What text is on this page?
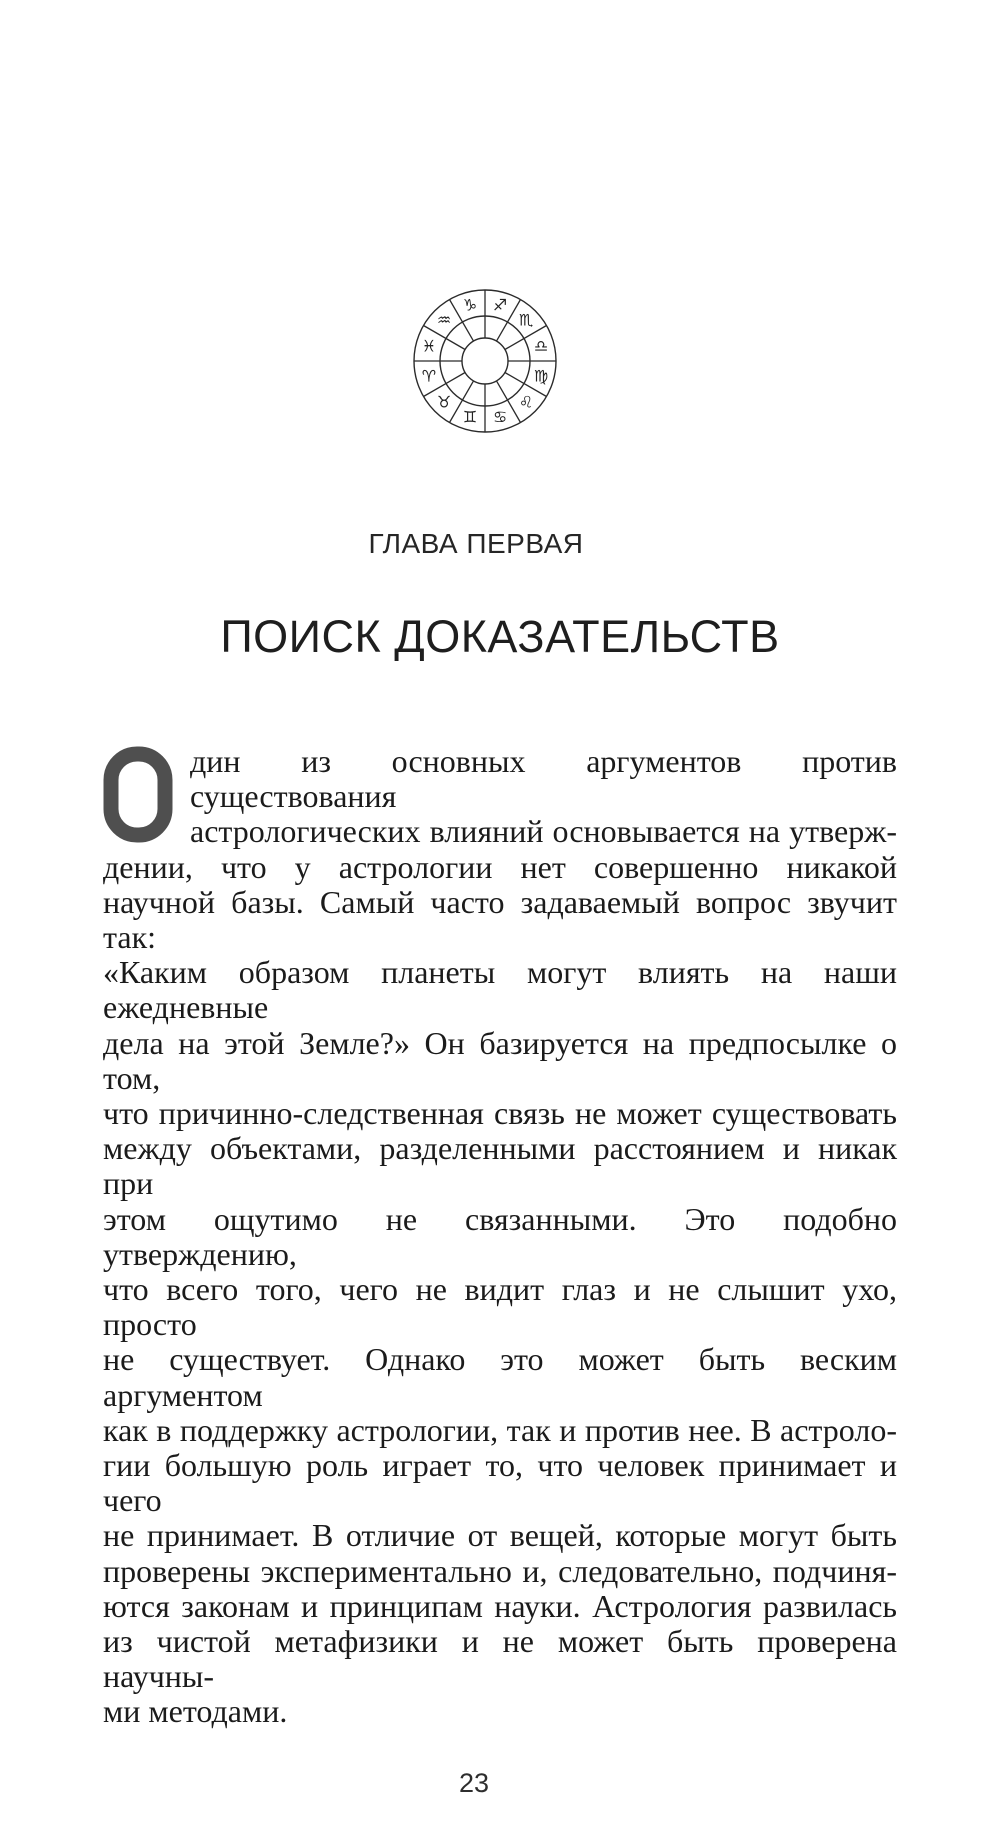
♐
♏
♎
♍
♌
♋
♊
♉
♈
♓
♒
♑
ГЛАВА ПЕРВАЯ
ПОИСК ДОКАЗАТЕЛЬСТВ
дин из основных аргументов против существования
астрологических влияний основывается на утверж-
дении, что у астрологии нет совершенно никакой
научной базы. Самый часто задаваемый вопрос звучит так:
«Каким образом планеты могут влиять на наши ежедневные
дела на этой Земле?» Он базируется на предпосылке о том,
что причинно-следственная связь не может существовать
между объектами, разделенными расстоянием и никак при
этом ощутимо не связанными. Это подобно утверждению,
что всего того, чего не видит глаз и не слышит ухо, просто
не существует. Однако это может быть веским аргументом
как в поддержку астрологии, так и против нее. В астроло-
гии большую роль играет то, что человек принимает и чего
не принимает. В отличие от вещей, которые могут быть
проверены экспериментально и, следовательно, подчиня-
ются законам и принципам науки. Астрология развилась
из чистой метафизики и не может быть проверена научны-
ми методами.
23
